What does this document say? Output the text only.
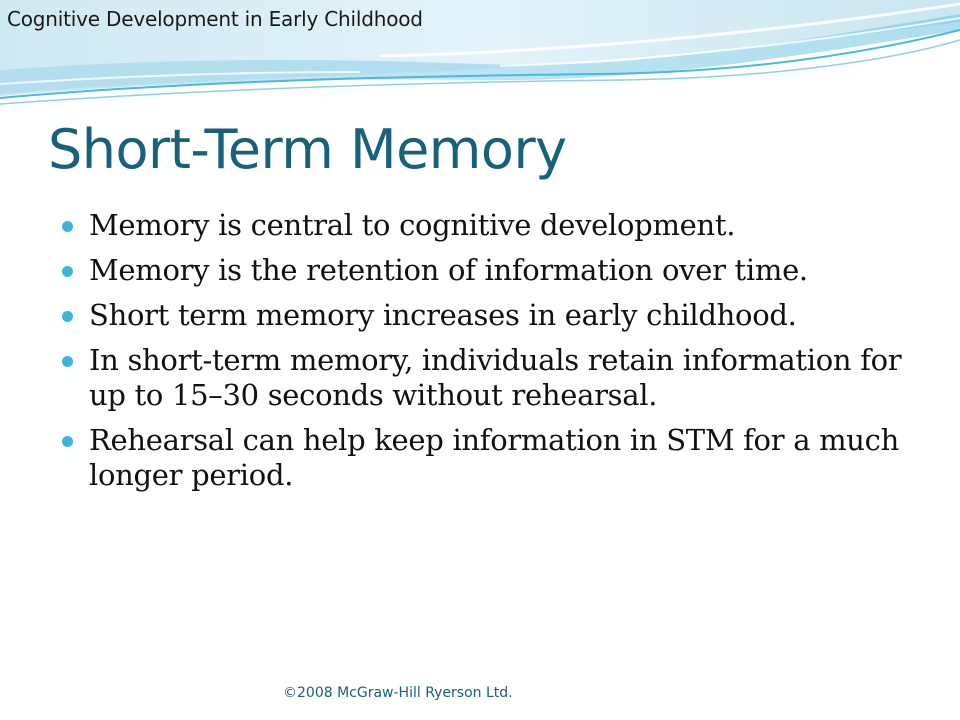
Cognitive Development in Early Childhood
Short-Term Memory
Memory is central to cognitive development.
Memory is the retention of information over time.
Short term memory increases in early childhood.
In short-term memory, individuals retain information for up to 15–30 seconds without rehearsal.
Rehearsal can help keep information in STM for a much longer period.
©2008 McGraw-Hill Ryerson Ltd.
